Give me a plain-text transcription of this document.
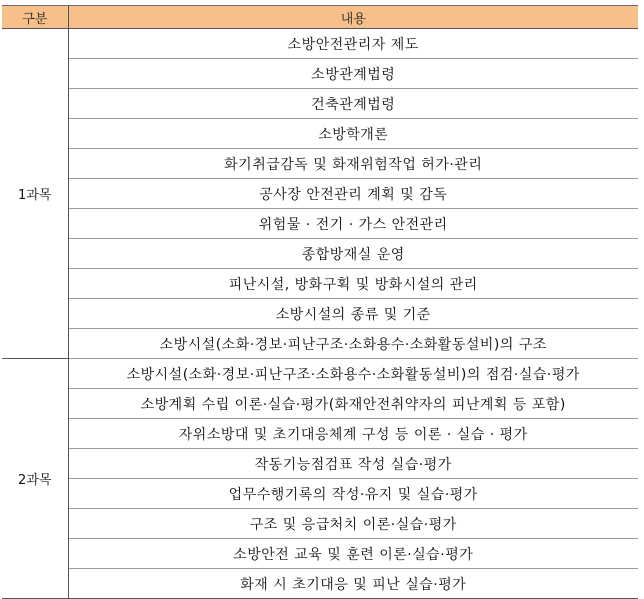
구분	내용
1과목	소방안전관리자 제도
	소방관계법령
	건축관계법령
	소방학개론
	화기취급감독 및 화재위험작업 허가·관리
	공사장 안전관리 계획 및 감독
	위험물 · 전기 · 가스 안전관리
	종합방재실 운영
	피난시설, 방화구획 및 방화시설의 관리
	소방시설의 종류 및 기준
	소방시설(소화·경보·피난구조·소화용수·소화활동설비)의 구조
2과목	소방시설(소화·경보·피난구조·소화용수·소화활동설비)의 점검·실습·평가
	소방계획 수립 이론·실습·평가(화재안전취약자의 피난계획 등 포함)
	자위소방대 및 초기대응체계 구성 등 이론 · 실습 · 평가
	작동기능점검표 작성 실습·평가
	업무수행기록의 작성·유지 및 실습·평가
	구조 및 응급처치 이론·실습·평가
	소방안전 교육 및 훈련 이론·실습·평가
	화재 시 초기대응 및 피난 실습·평가
